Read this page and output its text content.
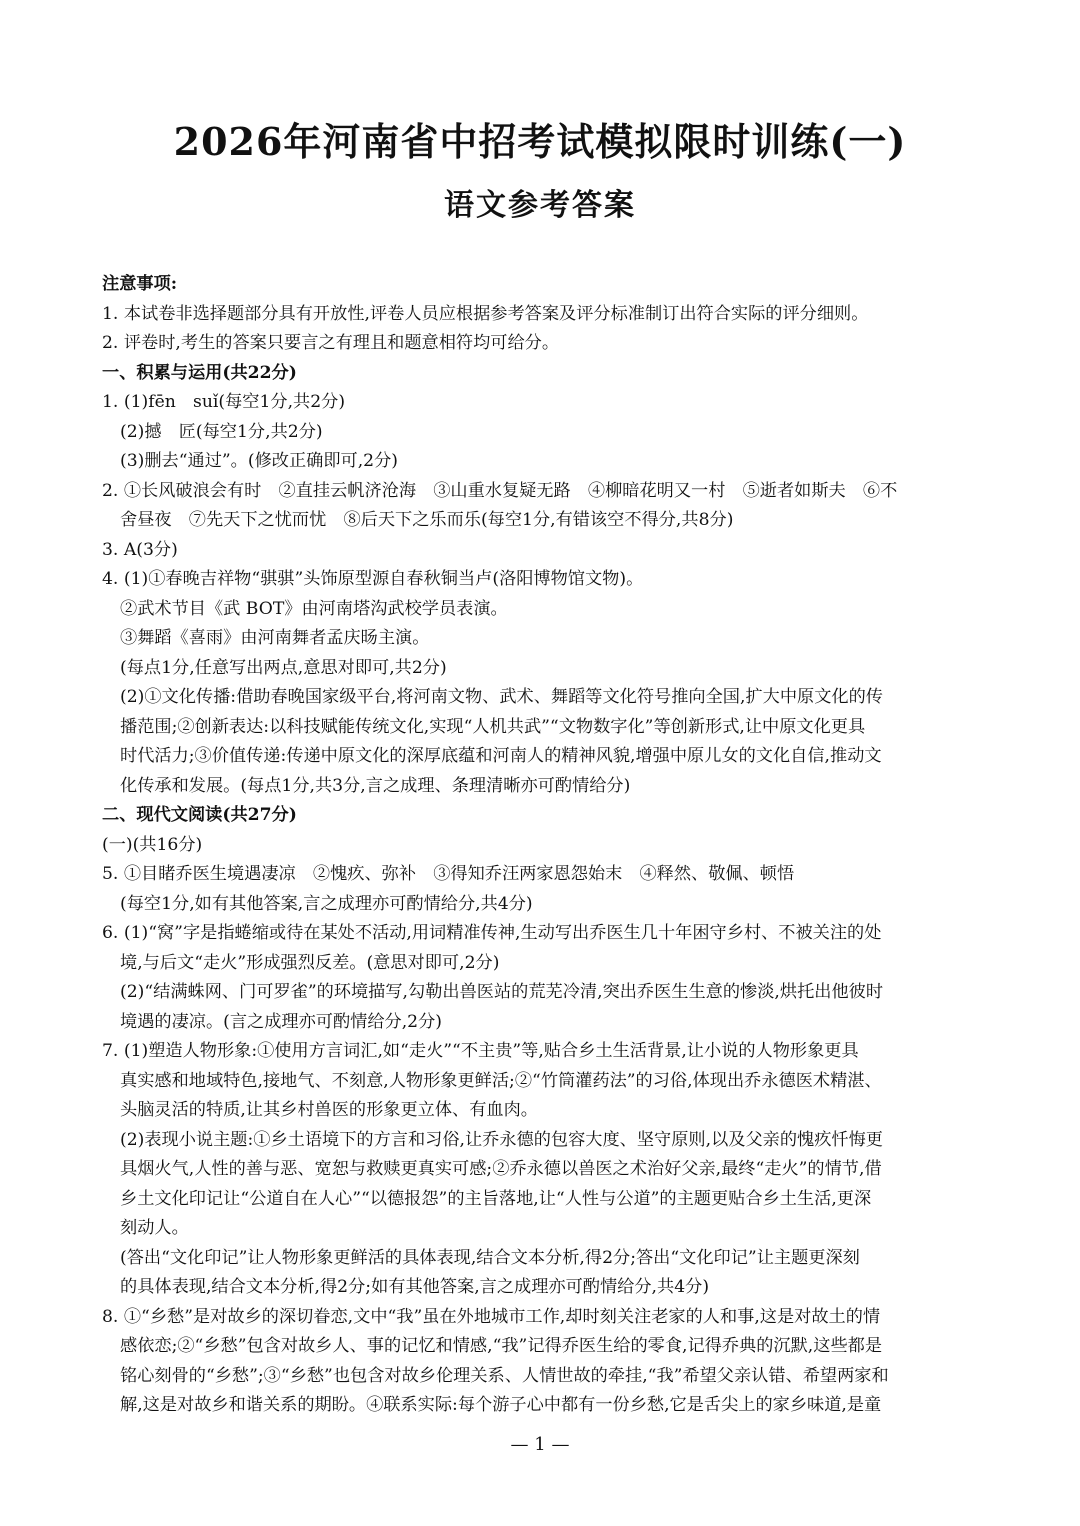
2026年河南省中招考试模拟限时训练(一)
语文参考答案
注意事项:
1. 本试卷非选择题部分具有开放性,评卷人员应根据参考答案及评分标准制订出符合实际的评分细则。
2. 评卷时,考生的答案只要言之有理且和题意相符均可给分。
一、积累与运用(共22分)
1. (1)fēn　suǐ(每空1分,共2分)
(2)撼　匠(每空1分,共2分)
(3)删去“通过”。(修改正确即可,2分)
2. ①长风破浪会有时　②直挂云帆济沧海　③山重水复疑无路　④柳暗花明又一村　⑤逝者如斯夫　⑥不
舍昼夜　⑦先天下之忧而忧　⑧后天下之乐而乐(每空1分,有错该空不得分,共8分)
3. A(3分)
4. (1)①春晚吉祥物“骐骐”头饰原型源自春秋铜当卢(洛阳博物馆文物)。
②武术节目《武 BOT》由河南塔沟武校学员表演。
③舞蹈《喜雨》由河南舞者孟庆旸主演。
(每点1分,任意写出两点,意思对即可,共2分)
(2)①文化传播:借助春晚国家级平台,将河南文物、武术、舞蹈等文化符号推向全国,扩大中原文化的传
播范围;②创新表达:以科技赋能传统文化,实现“人机共武”“文物数字化”等创新形式,让中原文化更具
时代活力;③价值传递:传递中原文化的深厚底蕴和河南人的精神风貌,增强中原儿女的文化自信,推动文
化传承和发展。(每点1分,共3分,言之成理、条理清晰亦可酌情给分)
二、现代文阅读(共27分)
(一)(共16分)
5. ①目睹乔医生境遇凄凉　②愧疚、弥补　③得知乔汪两家恩怨始末　④释然、敬佩、顿悟
(每空1分,如有其他答案,言之成理亦可酌情给分,共4分)
6. (1)“窝”字是指蜷缩或待在某处不活动,用词精准传神,生动写出乔医生几十年困守乡村、不被关注的处
境,与后文“走火”形成强烈反差。(意思对即可,2分)
(2)“结满蛛网、门可罗雀”的环境描写,勾勒出兽医站的荒芜冷清,突出乔医生生意的惨淡,烘托出他彼时
境遇的凄凉。(言之成理亦可酌情给分,2分)
7. (1)塑造人物形象:①使用方言词汇,如“走火”“不主贵”等,贴合乡土生活背景,让小说的人物形象更具
真实感和地域特色,接地气、不刻意,人物形象更鲜活;②“竹筒灌药法”的习俗,体现出乔永德医术精湛、
头脑灵活的特质,让其乡村兽医的形象更立体、有血肉。
(2)表现小说主题:①乡土语境下的方言和习俗,让乔永德的包容大度、坚守原则,以及父亲的愧疚忏悔更
具烟火气,人性的善与恶、宽恕与救赎更真实可感;②乔永德以兽医之术治好父亲,最终“走火”的情节,借
乡土文化印记让“公道自在人心”“以德报怨”的主旨落地,让“人性与公道”的主题更贴合乡土生活,更深
刻动人。
(答出“文化印记”让人物形象更鲜活的具体表现,结合文本分析,得2分;答出“文化印记”让主题更深刻
的具体表现,结合文本分析,得2分;如有其他答案,言之成理亦可酌情给分,共4分)
8. ①“乡愁”是对故乡的深切眷恋,文中“我”虽在外地城市工作,却时刻关注老家的人和事,这是对故土的情
感依恋;②“乡愁”包含对故乡人、事的记忆和情感,“我”记得乔医生给的零食,记得乔典的沉默,这些都是
铭心刻骨的“乡愁”;③“乡愁”也包含对故乡伦理关系、人情世故的牵挂,“我”希望父亲认错、希望两家和
解,这是对故乡和谐关系的期盼。④联系实际:每个游子心中都有一份乡愁,它是舌尖上的家乡味道,是童
— 1 —
